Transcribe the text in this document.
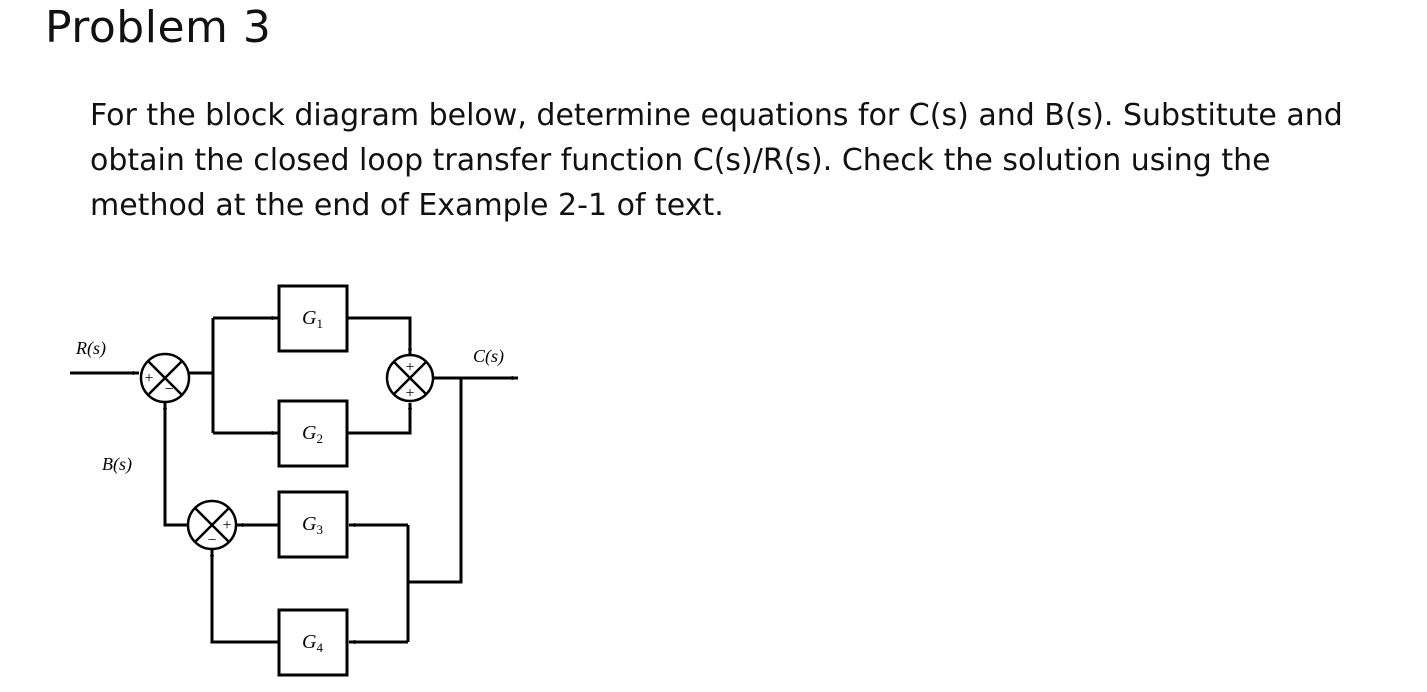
Problem 3

For the block diagram below, determine equations for C(s) and B(s). Substitute and

obtain the closed loop transfer function C(s)/R(s). Check the solution using the

method at the end of Example 2-1 of text.

+
−
+
+
+
−
$G_1$
$G_2$
$G_3$
$G_4$
R(s)	C(s)
B(s)
